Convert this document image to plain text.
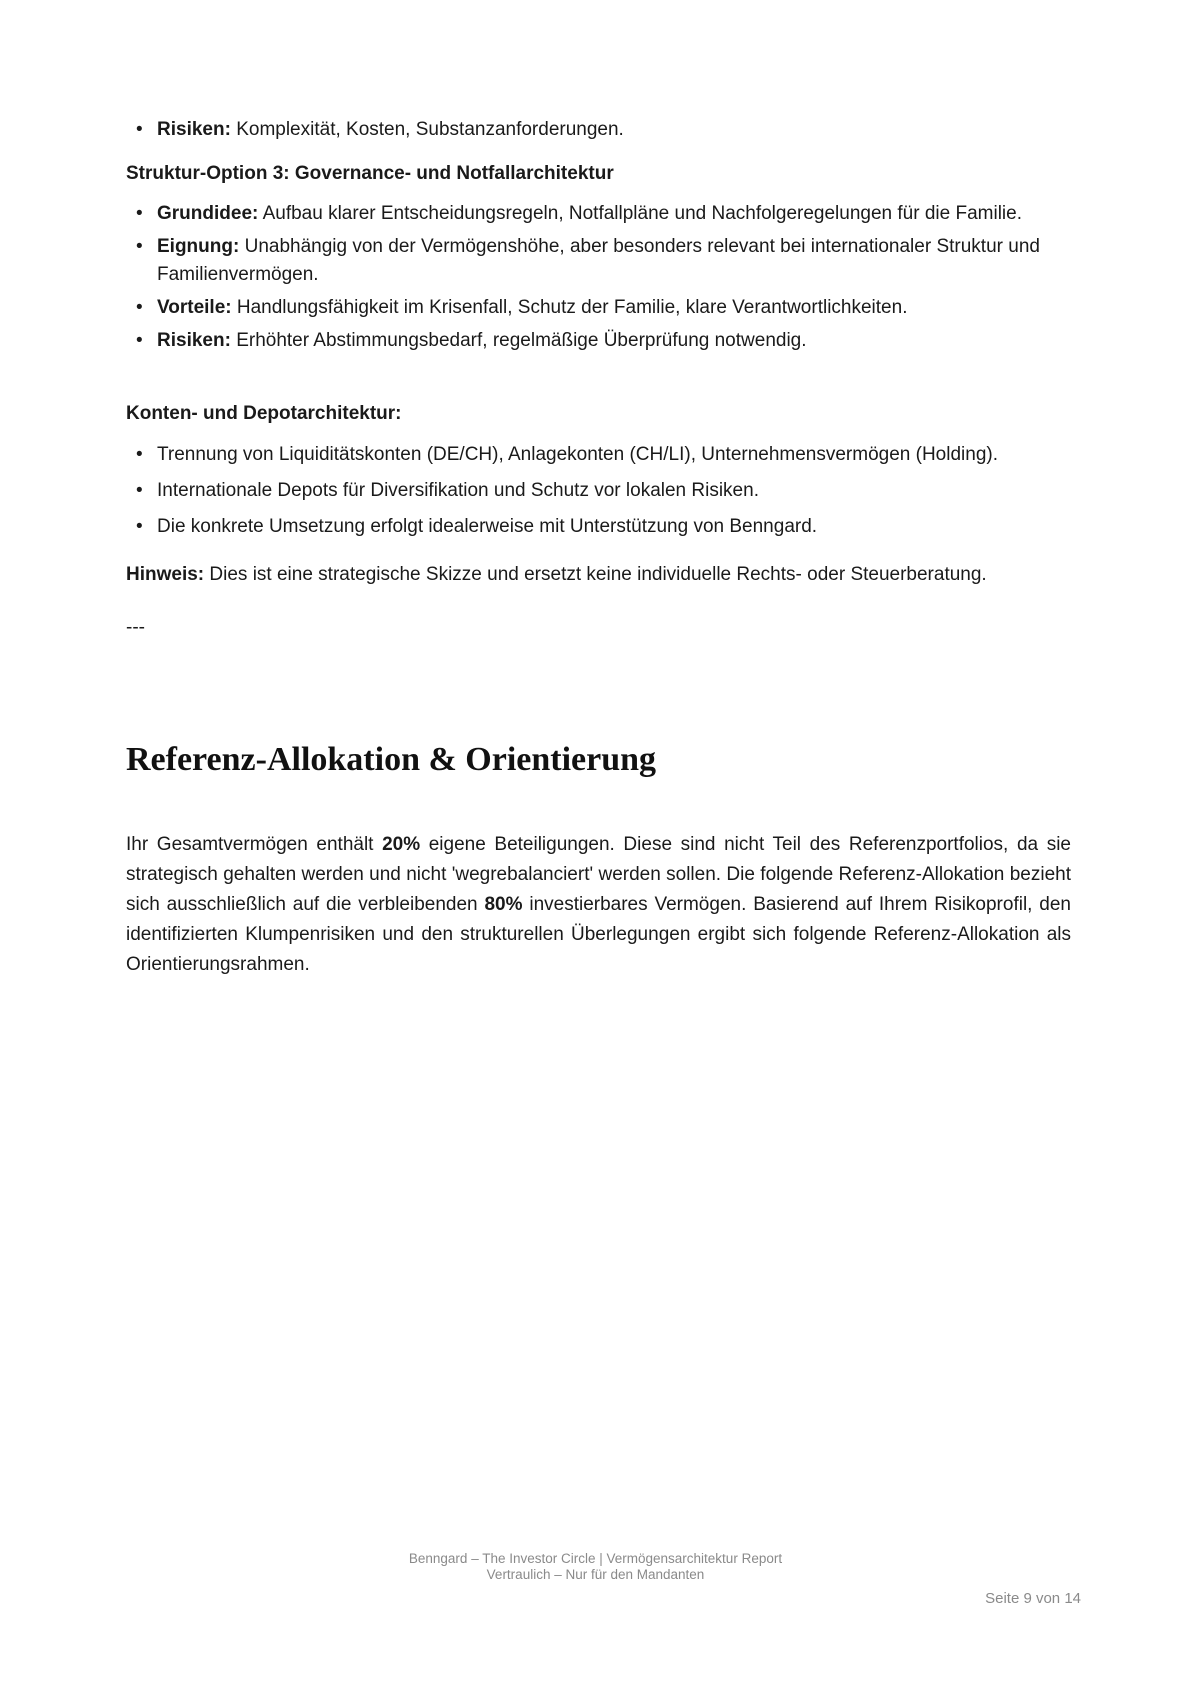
• Risiken: Komplexität, Kosten, Substanzanforderungen.

Struktur-Option 3: Governance- und Notfallarchitektur

• Grundidee: Aufbau klarer Entscheidungsregeln, Notfallpläne und Nachfolgeregelungen für die Familie.
• Eignung: Unabhängig von der Vermögenshöhe, aber besonders relevant bei internationaler Struktur und Familienvermögen.
• Vorteile: Handlungsfähigkeit im Krisenfall, Schutz der Familie, klare Verantwortlichkeiten.
• Risiken: Erhöhter Abstimmungsbedarf, regelmäßige Überprüfung notwendig.

Konten- und Depotarchitektur:

• Trennung von Liquiditätskonten (DE/CH), Anlagekonten (CH/LI), Unternehmensvermögen (Holding).
• Internationale Depots für Diversifikation und Schutz vor lokalen Risiken.
• Die konkrete Umsetzung erfolgt idealerweise mit Unterstützung von Benngard.

Hinweis: Dies ist eine strategische Skizze und ersetzt keine individuelle Rechts- oder Steuerberatung.

---

Referenz-Allokation & Orientierung

Ihr Gesamtvermögen enthält 20% eigene Beteiligungen. Diese sind nicht Teil des Referenzportfolios, da sie strategisch gehalten werden und nicht 'wegrebalanciert' werden sollen. Die folgende Referenz-Allokation bezieht sich ausschließlich auf die verbleibenden 80% investierbares Vermögen. Basierend auf Ihrem Risikoprofil, den identifizierten Klumpenrisiken und den strukturellen Überlegungen ergibt sich folgende Referenz-Allokation als Orientierungsrahmen.

Benngard – The Investor Circle | Vermögensarchitektur Report
Vertraulich – Nur für den Mandanten
Seite 9 von 14
